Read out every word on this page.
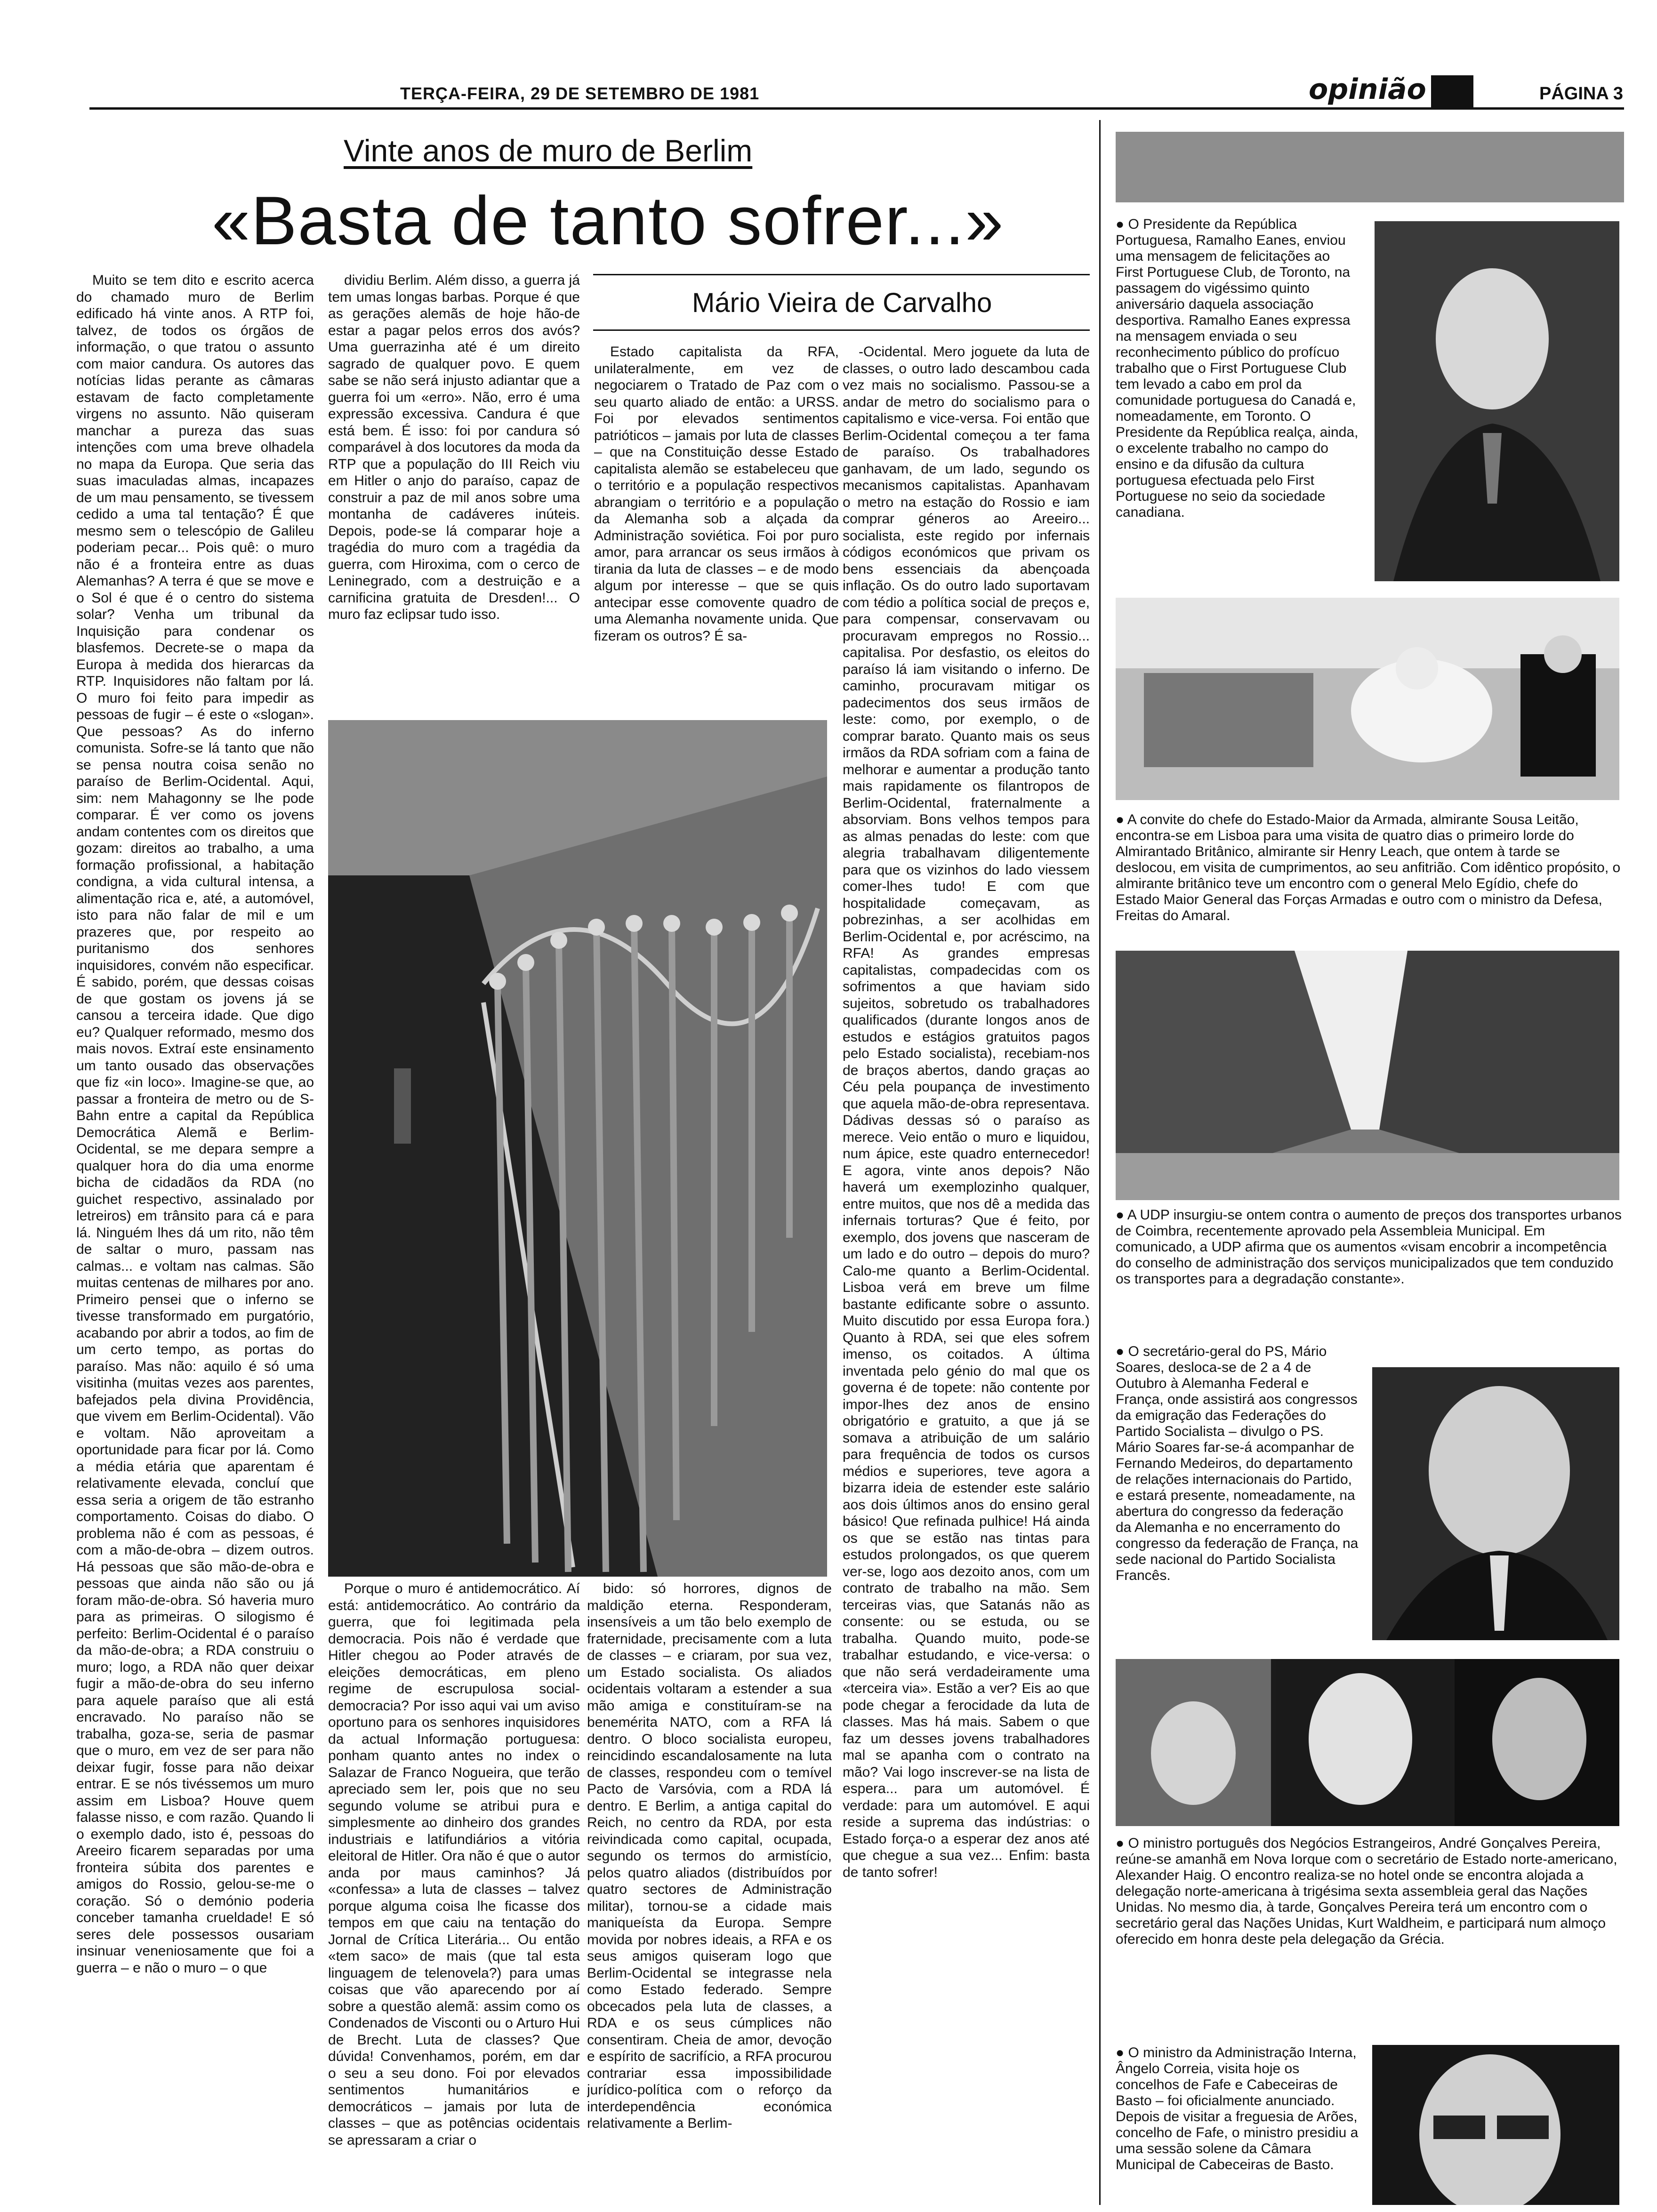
TERÇA-FEIRA, 29 DE SETEMBRO DE 1981	opinião	PÁGINA 3
Vinte anos de muro de Berlim
«Basta de tanto sofrer...»
Mário Vieira de Carvalho

Muito se tem dito e escrito acerca do chamado muro de Berlim edificado há vinte anos. A RTP foi, talvez, de todos os órgãos de informação, o que tratou o assunto com maior candura. Os autores das notícias lidas perante as câmaras estavam de facto completamente virgens no assunto. Não quiseram manchar a pureza das suas intenções com uma breve olhadela no mapa da Europa. Que seria das suas imaculadas almas, incapazes de um mau pensamento, se tivessem cedido a uma tal tentação? É que mesmo sem o telescópio de Galileu poderiam pecar... Pois quê: o muro não é a fronteira entre as duas Alemanhas? A terra é que se move e o Sol é que é o centro do sistema solar? Venha um tribunal da Inquisição para condenar os blasfemos. Decrete-se o mapa da Europa à medida dos hierarcas da RTP. Inquisidores não faltam por lá. O muro foi feito para impedir as pessoas de fugir – é este o «slogan». Que pessoas? As do inferno comunista. Sofre-se lá tanto que não se pensa noutra coisa senão no paraíso de Berlim-Ocidental. Aqui, sim: nem Mahagonny se lhe pode comparar. É ver como os jovens andam contentes com os direitos que gozam: direitos ao trabalho, a uma formação profissional, a habitação condigna, a vida cultural intensa, a alimentação rica e, até, a automóvel, isto para não falar de mil e um prazeres que, por respeito ao puritanismo dos senhores inquisidores, convém não especificar. É sabido, porém, que dessas coisas de que gostam os jovens já se cansou a terceira idade. Que digo eu? Qualquer reformado, mesmo dos mais novos. Extraí este ensinamento um tanto ousado das observações que fiz «in loco». Imagine-se que, ao passar a fronteira de metro ou de S-Bahn entre a capital da República Democrática Alemã e Berlim-Ocidental, se me depara sempre a qualquer hora do dia uma enorme bicha de cidadãos da RDA (no guichet respectivo, assinalado por letreiros) em trânsito para cá e para lá. Ninguém lhes dá um rito, não têm de saltar o muro, passam nas calmas... e voltam nas calmas. São muitas centenas de milhares por ano. Primeiro pensei que o inferno se tivesse transformado em purgatório, acabando por abrir a todos, ao fim de um certo tempo, as portas do paraíso. Mas não: aquilo é só uma visitinha (muitas vezes aos parentes, bafejados pela divina Providência, que vivem em Berlim-Ocidental). Vão e voltam. Não aproveitam a oportunidade para ficar por lá. Como a média etária que aparentam é relativamente elevada, concluí que essa seria a origem de tão estranho comportamento. Coisas do diabo. O problema não é com as pessoas, é com a mão-de-obra – dizem outros. Há pessoas que são mão-de-obra e pessoas que ainda não são ou já foram mão-de-obra. Só haveria muro para as primeiras. O silogismo é perfeito: Berlim-Ocidental é o paraíso da mão-de-obra; a RDA construiu o muro; logo, a RDA não quer deixar fugir a mão-de-obra do seu inferno para aquele paraíso que ali está encravado. No paraíso não se trabalha, goza-se, seria de pasmar que o muro, em vez de ser para não deixar fugir, fosse para não deixar entrar. E se nós tivéssemos um muro assim em Lisboa? Houve quem falasse nisso, e com razão. Quando li o exemplo dado, isto é, pessoas do Areeiro ficarem separadas por uma fronteira súbita dos parentes e amigos do Rossio, gelou-se-me o coração. Só o demónio poderia conceber tamanha crueldade! E só seres dele possessos ousariam insinuar veneniosamente que foi a guerra – e não o muro – o que

dividiu Berlim. Além disso, a guerra já tem umas longas barbas. Porque é que as gerações alemãs de hoje hão-de estar a pagar pelos erros dos avós? Uma guerrazinha até é um direito sagrado de qualquer povo. E quem sabe se não será injusto adiantar que a guerra foi um «erro». Não, erro é uma expressão excessiva. Candura é que está bem. É isso: foi por candura só comparável à dos locutores da moda da RTP que a população do III Reich viu em Hitler o anjo do paraíso, capaz de construir a paz de mil anos sobre uma montanha de cadáveres inúteis. Depois, pode-se lá comparar hoje a tragédia do muro com a tragédia da guerra, com Hiroxima, com o cerco de Leninegrado, com a destruição e a carnificina gratuita de Dresden!... O muro faz eclipsar tudo isso.

Porque o muro é antidemocrático. Aí está: antidemocrático. Ao contrário da guerra, que foi legitimada pela democracia. Pois não é verdade que Hitler chegou ao Poder através de eleições democráticas, em pleno regime de escrupulosa social-democracia? Por isso aqui vai um aviso oportuno para os senhores inquisidores da actual Informação portuguesa: ponham quanto antes no index o Salazar de Franco Nogueira, que terão apreciado sem ler, pois que no seu segundo volume se atribui pura e simplesmente ao dinheiro dos grandes industriais e latifundiários a vitória eleitoral de Hitler. Ora não é que o autor anda por maus caminhos? Já «confessa» a luta de classes – talvez porque alguma coisa lhe ficasse dos tempos em que caiu na tentação do Jornal de Crítica Literária... Ou então «tem saco» de mais (que tal esta linguagem de telenovela?) para umas coisas que vão aparecendo por aí sobre a questão alemã: assim como os Condenados de Visconti ou o Arturo Hui de Brecht. Luta de classes? Que dúvida! Convenhamos, porém, em dar o seu a seu dono. Foi por elevados sentimentos humanitários e democráticos – jamais por luta de classes – que as potências ocidentais se apressaram a criar o

Estado capitalista da RFA, unilateralmente, em vez de negociarem o Tratado de Paz com o seu quarto aliado de então: a URSS. Foi por elevados sentimentos patrióticos – jamais por luta de classes – que na Constituição desse Estado capitalista alemão se estabeleceu que o território e a população respectivos abrangiam o território e a população da Alemanha sob a alçada da Administração soviética. Foi por puro amor, para arrancar os seus irmãos à tirania da luta de classes – e de modo algum por interesse – que se quis antecipar esse comovente quadro de uma Alemanha novamente unida. Que fizeram os outros? É sa-

bido: só horrores, dignos de maldição eterna. Responderam, insensíveis a um tão belo exemplo de fraternidade, precisamente com a luta de classes – e criaram, por sua vez, um Estado socialista. Os aliados ocidentais voltaram a estender a sua mão amiga e constituíram-se na benemérita NATO, com a RFA lá dentro. O bloco socialista europeu, reincidindo escandalosamente na luta de classes, respondeu com o temível Pacto de Varsóvia, com a RDA lá dentro. E Berlim, a antiga capital do Reich, no centro da RDA, por esta reivindicada como capital, ocupada, segundo os termos do armistício, pelos quatro aliados (distribuídos por quatro sectores de Administração militar), tornou-se a cidade mais maniqueísta da Europa. Sempre movida por nobres ideais, a RFA e os seus amigos quiseram logo que Berlim-Ocidental se integrasse nela como Estado federado. Sempre obcecados pela luta de classes, a RDA e os seus cúmplices não consentiram. Cheia de amor, devoção e espírito de sacrifício, a RFA procurou contrariar essa impossibilidade jurídico-política com o reforço da interdependência económica relativamente a Berlim-

-Ocidental. Mero joguete da luta de classes, o outro lado descambou cada vez mais no socialismo. Passou-se a andar de metro do socialismo para o capitalismo e vice-versa. Foi então que Berlim-Ocidental começou a ter fama de paraíso. Os trabalhadores ganhavam, de um lado, segundo os mecanismos capitalistas. Apanhavam o metro na estação do Rossio e iam comprar géneros ao Areeiro... socialista, este regido por infernais códigos económicos que privam os bens essenciais da abençoada inflação. Os do outro lado suportavam com tédio a política social de preços e, para compensar, conservavam ou procuravam empregos no Rossio... capitalisa. Por desfastio, os eleitos do paraíso lá iam visitando o inferno. De caminho, procuravam mitigar os padecimentos dos seus irmãos de leste: como, por exemplo, o de comprar barato. Quanto mais os seus irmãos da RDA sofriam com a faina de melhorar e aumentar a produção tanto mais rapidamente os filantropos de Berlim-Ocidental, fraternalmente a absorviam. Bons velhos tempos para as almas penadas do leste: com que alegria trabalhavam diligentemente para que os vizinhos do lado viessem comer-lhes tudo! E com que hospitalidade começavam, as pobrezinhas, a ser acolhidas em Berlim-Ocidental e, por acréscimo, na RFA! As grandes empresas capitalistas, compadecidas com os sofrimentos a que haviam sido sujeitos, sobretudo os trabalhadores qualificados (durante longos anos de estudos e estágios gratuitos pagos pelo Estado socialista), recebiam-nos de braços abertos, dando graças ao Céu pela poupança de investimento que aquela mão-de-obra representava. Dádivas dessas só o paraíso as merece. Veio então o muro e liquidou, num ápice, este quadro enternecedor! E agora, vinte anos depois? Não haverá um exemplozinho qualquer, entre muitos, que nos dê a medida das infernais torturas? Que é feito, por exemplo, dos jovens que nasceram de um lado e do outro – depois do muro? Calo-me quanto a Berlim-Ocidental. Lisboa verá em breve um filme bastante edificante sobre o assunto. Muito discutido por essa Europa fora.) Quanto à RDA, sei que eles sofrem imenso, os coitados. A última inventada pelo génio do mal que os governa é de topete: não contente por impor-lhes dez anos de ensino obrigatório e gratuito, a que já se somava a atribuição de um salário para frequência de todos os cursos médios e superiores, teve agora a bizarra ideia de estender este salário aos dois últimos anos do ensino geral básico! Que refinada pulhice! Há ainda os que se estão nas tintas para estudos prolongados, os que querem ver-se, logo aos dezoito anos, com um contrato de trabalho na mão. Sem terceiras vias, que Satanás não as consente: ou se estuda, ou se trabalha. Quando muito, pode-se trabalhar estudando, e vice-versa: o que não será verdadeiramente uma «terceira via». Estão a ver? Eis ao que pode chegar a ferocidade da luta de classes. Mas há mais. Sabem o que faz um desses jovens trabalhadores mal se apanha com o contrato na mão? Vai logo inscrever-se na lista de espera... para um automóvel. É verdade: para um automóvel. E aqui reside a suprema das indústrias: o Estado força-o a esperar dez anos até que chegue a sua vez... Enfim: basta de tanto sofrer!

● O Presidente da República Portuguesa, Ramalho Eanes, enviou uma mensagem de felicitações ao First Portuguese Club, de Toronto, na passagem do vigéssimo quinto aniversário daquela associação desportiva. Ramalho Eanes expressa na mensagem enviada o seu reconhecimento público do profícuo trabalho que o First Portuguese Club tem levado a cabo em prol da comunidade portuguesa do Canadá e, nomeadamente, em Toronto. O Presidente da República realça, ainda, o excelente trabalho no campo do ensino e da difusão da cultura portuguesa efectuada pelo First Portuguese no seio da sociedade canadiana.

● A convite do chefe do Estado-Maior da Armada, almirante Sousa Leitão, encontra-se em Lisboa para uma visita de quatro dias o primeiro lorde do Almirantado Britânico, almirante sir Henry Leach, que ontem à tarde se deslocou, em visita de cumprimentos, ao seu anfitrião. Com idêntico propósito, o almirante britânico teve um encontro com o general Melo Egídio, chefe do Estado Maior General das Forças Armadas e outro com o ministro da Defesa, Freitas do Amaral.

● A UDP insurgiu-se ontem contra o aumento de preços dos transportes urbanos de Coimbra, recentemente aprovado pela Assembleia Municipal. Em comunicado, a UDP afirma que os aumentos «visam encobrir a incompetência do conselho de administração dos serviços municipalizados que tem conduzido os transportes para a degradação constante».

● O secretário-geral do PS, Mário Soares, desloca-se de 2 a 4 de Outubro à Alemanha Federal e França, onde assistirá aos congressos da emigração das Federações do Partido Socialista – divulgo o PS. Mário Soares far-se-á acompanhar de Fernando Medeiros, do departamento de relações internacionais do Partido, e estará presente, nomeadamente, na abertura do congresso da federação da Alemanha e no encerramento do congresso da federação de França, na sede nacional do Partido Socialista Francês.

● O ministro português dos Negócios Estrangeiros, André Gonçalves Pereira, reúne-se amanhã em Nova Iorque com o secretário de Estado norte-americano, Alexander Haig. O encontro realiza-se no hotel onde se encontra alojada a delegação norte-americana à trigésima sexta assembleia geral das Nações Unidas. No mesmo dia, à tarde, Gonçalves Pereira terá um encontro com o secretário geral das Nações Unidas, Kurt Waldheim, e participará num almoço oferecido em honra deste pela delegação da Grécia.

● O ministro da Administração Interna, Ângelo Correia, visita hoje os concelhos de Fafe e Cabeceiras de Basto – foi oficialmente anunciado. Depois de visitar a freguesia de Arões, concelho de Fafe, o ministro presidiu a uma sessão solene da Câmara Municipal de Cabeceiras de Basto.
